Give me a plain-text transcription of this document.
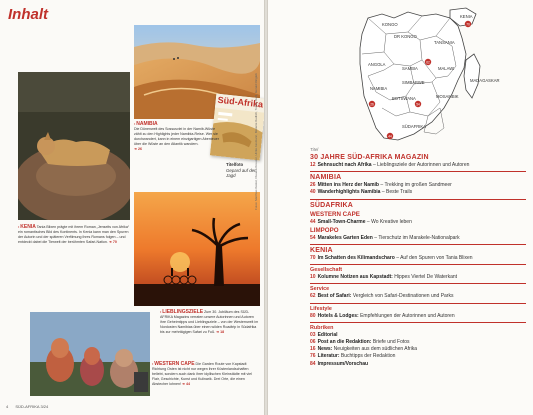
Inhalt
Süd-Afrika
Titelfoto
Gepard auf der Jagd
• NAMIBIA
Die Dünenwelt des Sossusvlei in der Namib-Wüste zählt zu den Highlights jeder Namibia-Reise. Wer sie durchwandert, kann in einem einzigartigen Abenteuer über die Wüste an den Atlantik wandern.
➔ 26
• KENIA Tania Blixen prägte mit ihrem Roman „Jenseits von Afrika“ ein romantisches Bild des Kontinents. In Kenia kann man den Spuren der Autorin und der späteren Verfilmung ihres Romans folgen – und entdeckt dabei die Tierwelt der berühmten Safari-Nation. ➔ 70
• LIEBLINGSZIELE Zum 30. Jubiläum des SÜD-AFRIKA Magazins verraten unsere Autorinnen und Autoren ihre Geheimtipps und Lieblingsziele – von der Westernwelt im Nordosten Namibias über einen wilden Roadtrip in Südafrika bis zur mehrtägigen Safari zu Fuß. ➔ 18
• WESTERN CAPE Die Garden Route von Kapstadt Richtung Osten ist nicht nur wegen ihrer Küstenlandschaften beliebt, sondern auch dank ihrer idyllischen Kleinstädte mit viel Flair, Geschichte, Kunst und Kulinarik. Drei Orte, die einen Abstecher lohnen! ➔ 44
Fotos: Matthias Kestel, Claudia Kreuzer, Ulrike Assmann, Melanie Kudlich, Tobias Kahl, Gerald Ringleb
4 SÜD-AFRIKA 3/24
KENIA
KONGO
DR KONGO
TANSANIA
ANGOLA
SAMBIA	MALAWI
SIMBABWE
MOSAMBIK
MADAGASKAR
NAMIBIA
BOTSWANA
SÜDAFRIKA
44
54
62
26
70
Titel
30 JAHRE SÜD-AFRIKA MAGAZIN
12 Sehnsucht nach Afrika – Lieblingsziele der Autorinnen und Autoren
NAMIBIA
26 Mitten ins Herz der Namib – Trekking im großen Sandmeer
40 Wanderhighlights Namibia – Beste Trails
SÜDAFRIKA
WESTERN CAPE
44 Small-Town-Charme – Wo Kreative leben
LIMPOPO
54 Marakeles Garten Eden – Tierschutz im Marakele-Nationalpark
KENIA
70 Im Schatten des Kilimandscharo – Auf den Spuren von Tania Blixen
Gesellschaft
10 Kolumne Notizen aus Kapstadt: Hippes Viertel De Waterkant
Service
62 Best of Safari: Vergleich von Safari-Destinationen und Parks
Lifestyle
80 Hotels & Lodges: Empfehlungen der Autorinnen und Autoren
Rubriken
03 Editorial
06 Post an die Redaktion: Briefe und Fotos
16 News: Neuigkeiten aus dem südlichen Afrika
76 Literatur: Buchtipps der Redaktion
84 Impressum/Vorschau
